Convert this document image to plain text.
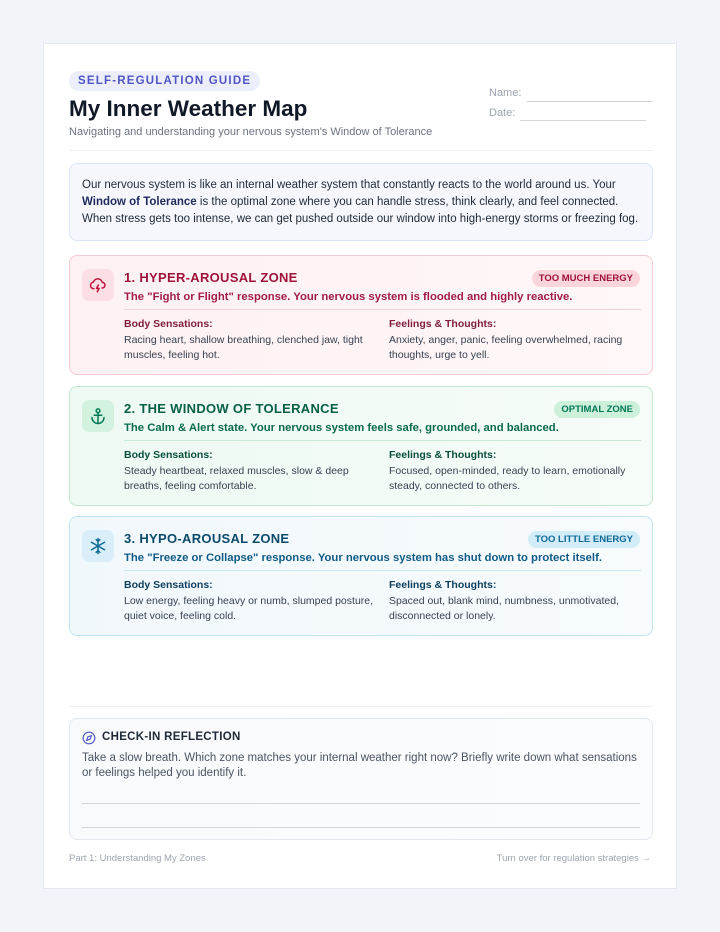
SELF-REGULATION GUIDE
My Inner Weather Map
Navigating and understanding your nervous system's Window of Tolerance
Name:
Date:
Our nervous system is like an internal weather system that constantly reacts to the world around us. Your Window of Tolerance is the optimal zone where you can handle stress, think clearly, and feel connected. When stress gets too intense, we can get pushed outside our window into high-energy storms or freezing fog.
1. HYPER-AROUSAL ZONE	TOO MUCH ENERGY
The "Fight or Flight" response. Your nervous system is flooded and highly reactive.
Body Sensations:
Racing heart, shallow breathing, clenched jaw, tight muscles, feeling hot.
Feelings & Thoughts:
Anxiety, anger, panic, feeling overwhelmed, racing thoughts, urge to yell.
2. THE WINDOW OF TOLERANCE	OPTIMAL ZONE
The Calm & Alert state. Your nervous system feels safe, grounded, and balanced.
Body Sensations:
Steady heartbeat, relaxed muscles, slow & deep breaths, feeling comfortable.
Feelings & Thoughts:
Focused, open-minded, ready to learn, emotionally steady, connected to others.
3. HYPO-AROUSAL ZONE	TOO LITTLE ENERGY
The "Freeze or Collapse" response. Your nervous system has shut down to protect itself.
Body Sensations:
Low energy, feeling heavy or numb, slumped posture, quiet voice, feeling cold.
Feelings & Thoughts:
Spaced out, blank mind, numbness, unmotivated, disconnected or lonely.
CHECK-IN REFLECTION
Take a slow breath. Which zone matches your internal weather right now? Briefly write down what sensations or feelings helped you identify it.
Part 1: Understanding My Zones	Turn over for regulation strategies →
